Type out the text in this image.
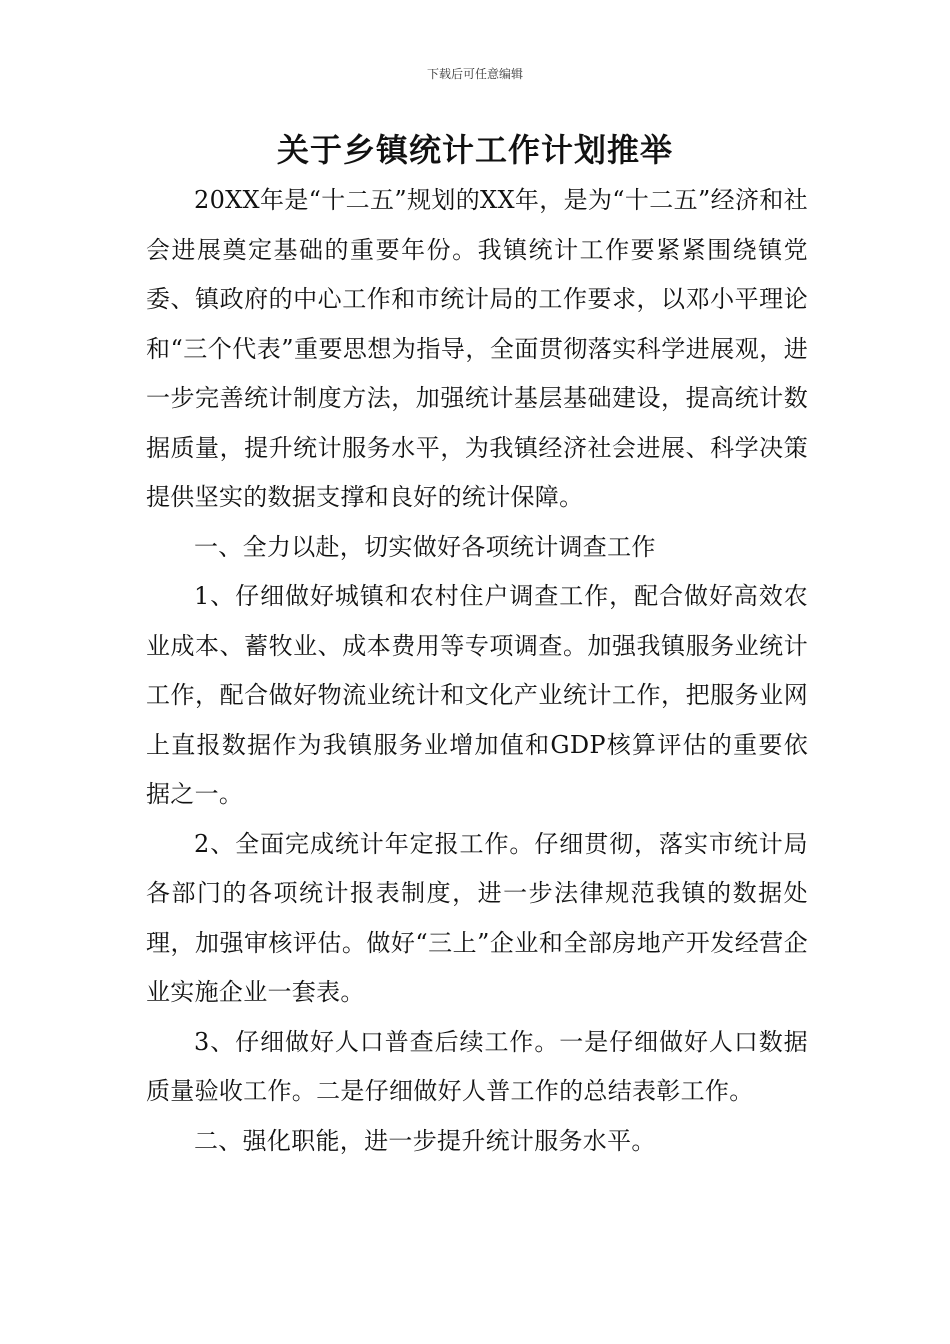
下载后可任意编辑
关于乡镇统计工作计划推举

20XX年是“十二五”规划的XX年，是为“十二五”经济和社会进展奠定基础的重要年份。我镇统计工作要紧紧围绕镇党委、镇政府的中心工作和市统计局的工作要求，以邓小平理论和“三个代表”重要思想为指导，全面贯彻落实科学进展观，进一步完善统计制度方法，加强统计基层基础建设，提高统计数据质量，提升统计服务水平，为我镇经济社会进展、科学决策提供坚实的数据支撑和良好的统计保障。

一、全力以赴，切实做好各项统计调查工作

1、仔细做好城镇和农村住户调查工作，配合做好高效农业成本、蓄牧业、成本费用等专项调查。加强我镇服务业统计工作，配合做好物流业统计和文化产业统计工作，把服务业网上直报数据作为我镇服务业增加值和GDP核算评估的重要依据之一。

2、全面完成统计年定报工作。仔细贯彻，落实市统计局各部门的各项统计报表制度，进一步法律规范我镇的数据处理，加强审核评估。做好“三上”企业和全部房地产开发经营企业实施企业一套表。

3、仔细做好人口普查后续工作。一是仔细做好人口数据质量验收工作。二是仔细做好人普工作的总结表彰工作。

二、强化职能，进一步提升统计服务水平。
